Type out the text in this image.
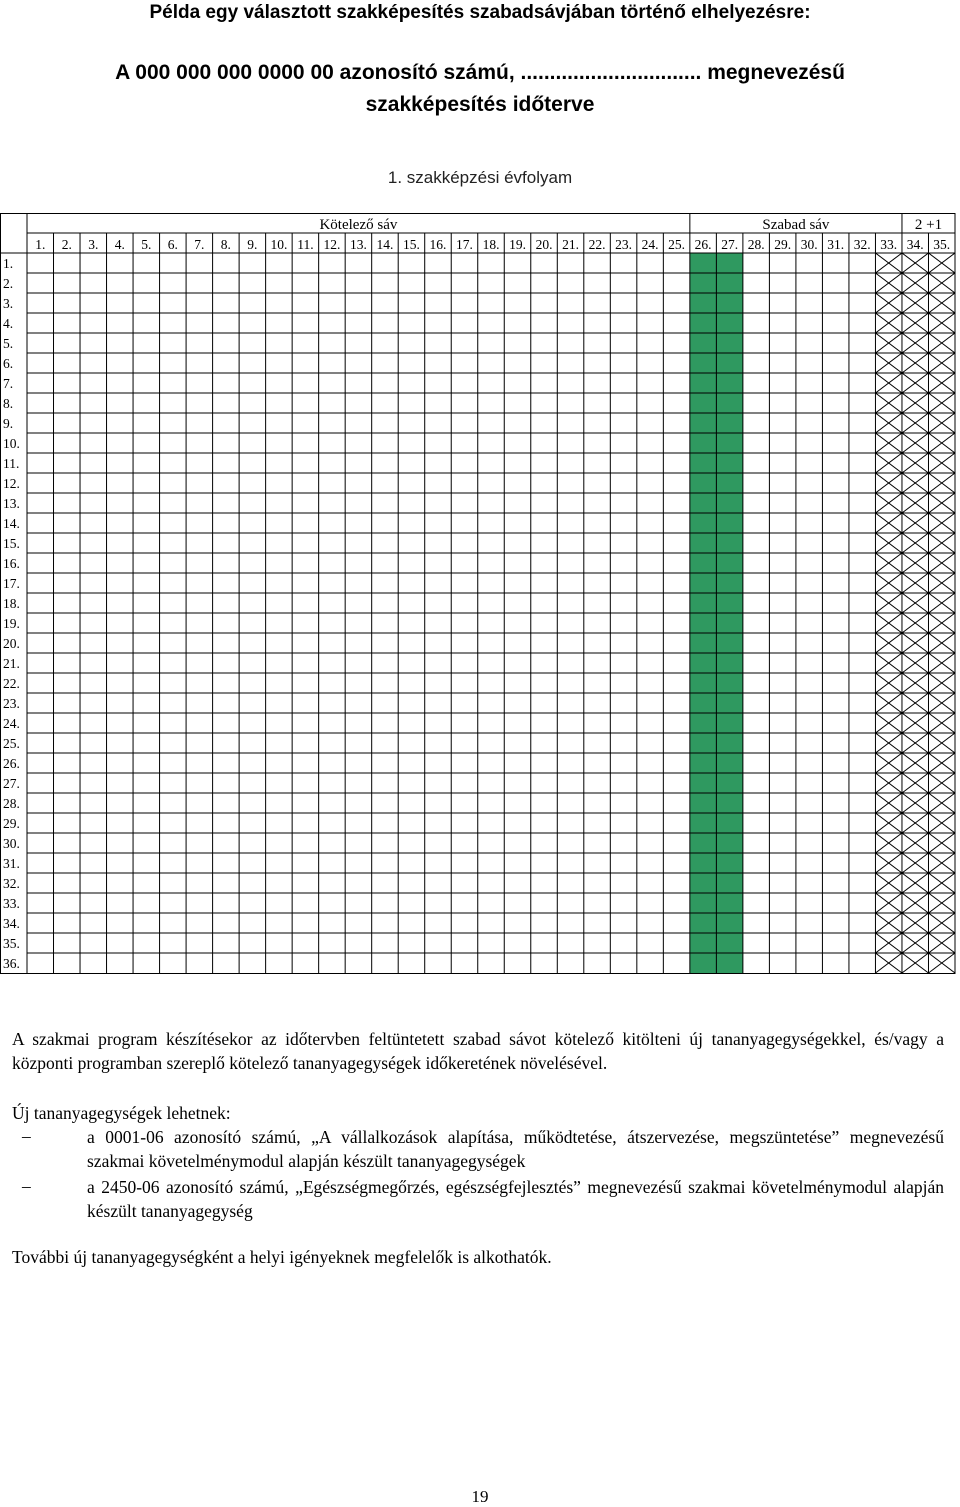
Példa egy választott szakképesítés szabadsávjában történő elhelyezésre:
A 000 000 000 0000 00 azonosító számú, ............................... megnevezésű szakképesítés időterve
1. szakképzési évfolyam
Kötelező sáv	Szabad sáv	2 +1
1. 2. 3. 4. 5. 6. 7. 8. 9. 10. 11. 12. 13. 14. 15. 16. 17. 18. 19. 20. 21. 22. 23. 24. 25. 26. 27. 28. 29. 30. 31. 32. 33. 34. 35.
1.
2.
3.
4.
5.
6.
7.
8.
9.
10.
11.
12.
13.
14.
15.
16.
17.
18.
19.
20.
21.
22.
23.
24.
25.
26.
27.
28.
29.
30.
31.
32.
33.
34.
35.
36.
A szakmai program készítésekor az időtervben feltüntetett szabad sávot kötelező kitölteni új tananyagegységekkel, és/vagy a központi programban szereplő kötelező tananyagegységek időkeretének növelésével.
Új tananyagegységek lehetnek:
–	a 0001-06 azonosító számú, „A vállalkozások alapítása, működtetése, átszervezése, megszüntetése” megnevezésű szakmai követelménymodul alapján készült tananyagegységek
–	a 2450-06 azonosító számú, „Egészségmegőrzés, egészségfejlesztés” megnevezésű szakmai követelménymodul alapján készült tananyagegység
További új tananyagegységként a helyi igényeknek megfelelők is alkothatók.
19
